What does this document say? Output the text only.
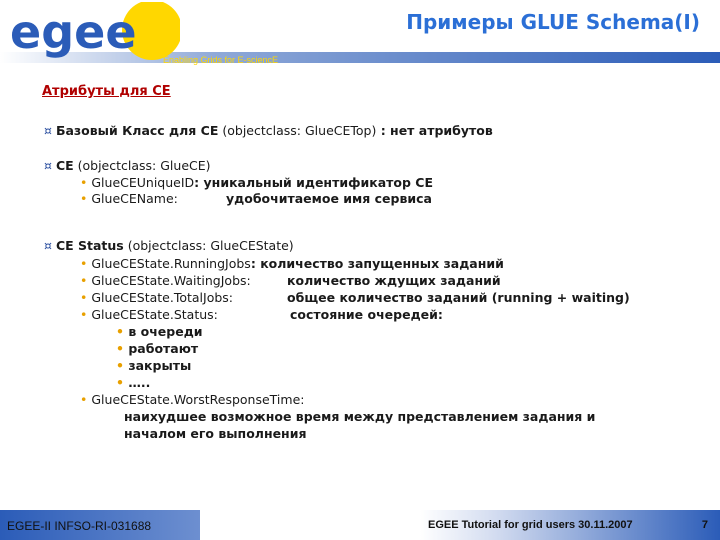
egee
Enabling Grids for E-sciencE
Примеры GLUE Schema(I)
Атрибуты для CE
¤ Базовый Класс для CE (objectclass: GlueCETop) : нет атрибутов
¤ CE (objectclass: GlueCE)
• GlueCEUniqueID: уникальный идентификатор CE
• GlueCEName:	удобочитаемое имя сервиса
¤ CE Status (objectclass: GlueCEState)
• GlueCEState.RunningJobs: количество запущенных заданий
• GlueCEState.WaitingJobs:	количество ждущих заданий
• GlueCEState.TotalJobs:	общее количество заданий (running + waiting)
• GlueCEState.Status:	состояние очередей:
• в очереди
• работают
• закрыты
• …..
• GlueCEState.WorstResponseTime:
наихудшее возможное время между представлением задания и
началом его выполнения
EGEE-II INFSO-RI-031688	EGEE Tutorial for grid users 30.11.2007	7
